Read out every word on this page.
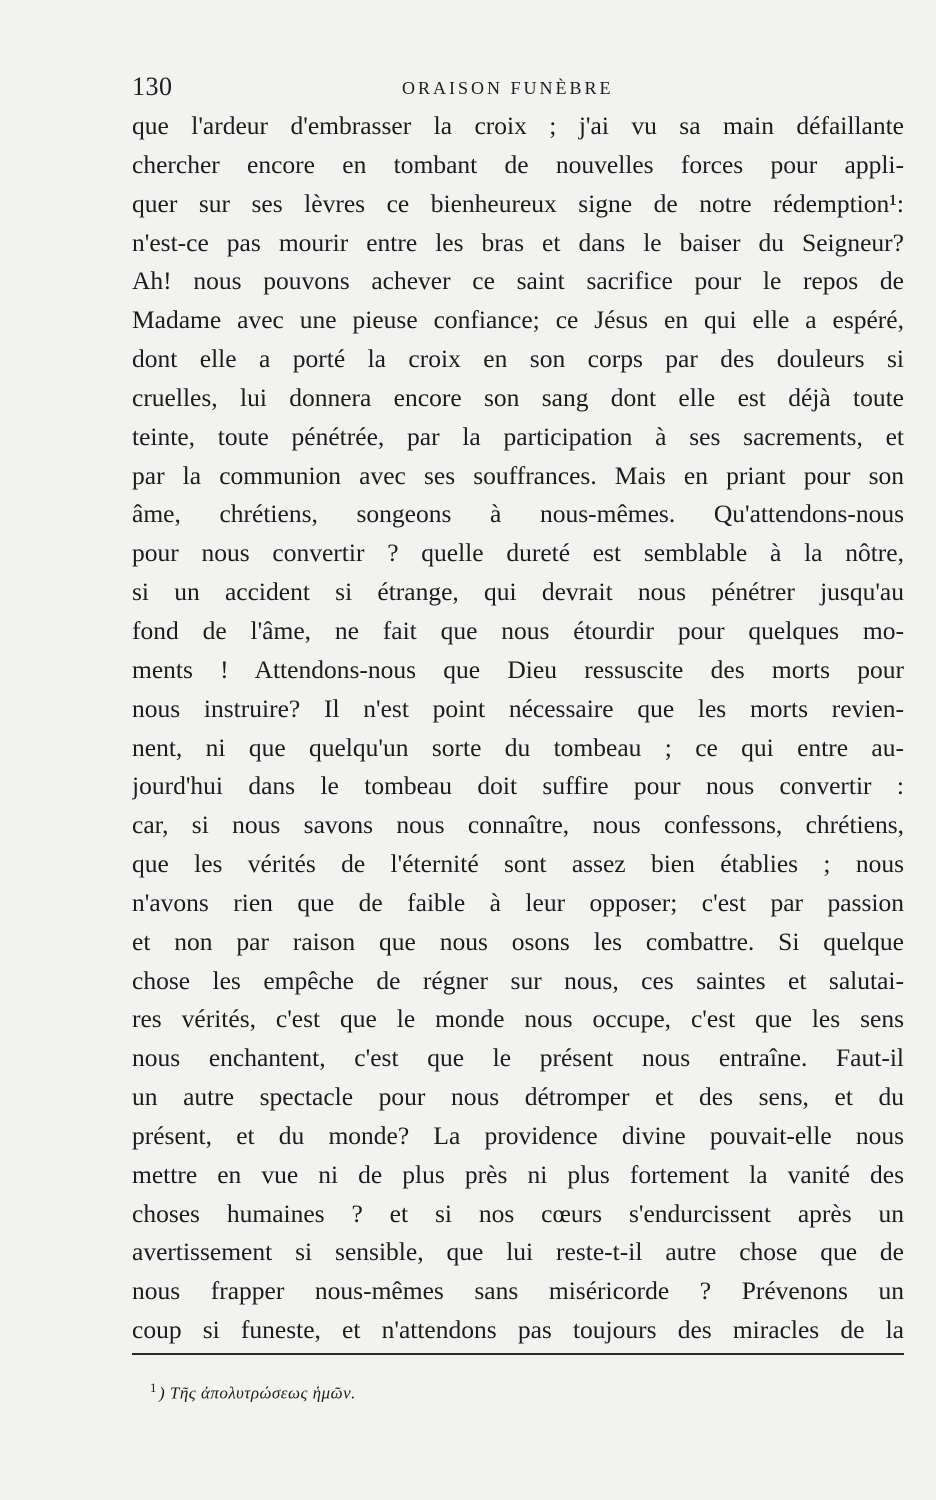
130	ORAISON FUNÈBRE
que l'ardeur d'embrasser la croix ; j'ai vu sa main défaillante
chercher encore en tombant de nouvelles forces pour appli-
quer sur ses lèvres ce bienheureux signe de notre rédemption¹:
n'est-ce pas mourir entre les bras et dans le baiser du Seigneur?
Ah! nous pouvons achever ce saint sacrifice pour le repos de
Madame avec une pieuse confiance; ce Jésus en qui elle a espéré,
dont elle a porté la croix en son corps par des douleurs si
cruelles, lui donnera encore son sang dont elle est déjà toute
teinte, toute pénétrée, par la participation à ses sacrements, et
par la communion avec ses souffrances. Mais en priant pour son
âme, chrétiens, songeons à nous-mêmes. Qu'attendons-nous
pour nous convertir ? quelle dureté est semblable à la nôtre,
si un accident si étrange, qui devrait nous pénétrer jusqu'au
fond de l'âme, ne fait que nous étourdir pour quelques mo-
ments ! Attendons-nous que Dieu ressuscite des morts pour
nous instruire? Il n'est point nécessaire que les morts revien-
nent, ni que quelqu'un sorte du tombeau ; ce qui entre au-
jourd'hui dans le tombeau doit suffire pour nous convertir :
car, si nous savons nous connaître, nous confessons, chrétiens,
que les vérités de l'éternité sont assez bien établies ; nous
n'avons rien que de faible à leur opposer; c'est par passion
et non par raison que nous osons les combattre. Si quelque
chose les empêche de régner sur nous, ces saintes et salutai-
res vérités, c'est que le monde nous occupe, c'est que les sens
nous enchantent, c'est que le présent nous entraîne. Faut-il
un autre spectacle pour nous détromper et des sens, et du
présent, et du monde? La providence divine pouvait-elle nous
mettre en vue ni de plus près ni plus fortement la vanité des
choses humaines ? et si nos cœurs s'endurcissent après un
avertissement si sensible, que lui reste-t-il autre chose que de
nous frapper nous-mêmes sans miséricorde ? Prévenons un
coup si funeste, et n'attendons pas toujours des miracles de la
$^1$ ) Τῆς ἀπολυτρώσεως ἡμῶν.
